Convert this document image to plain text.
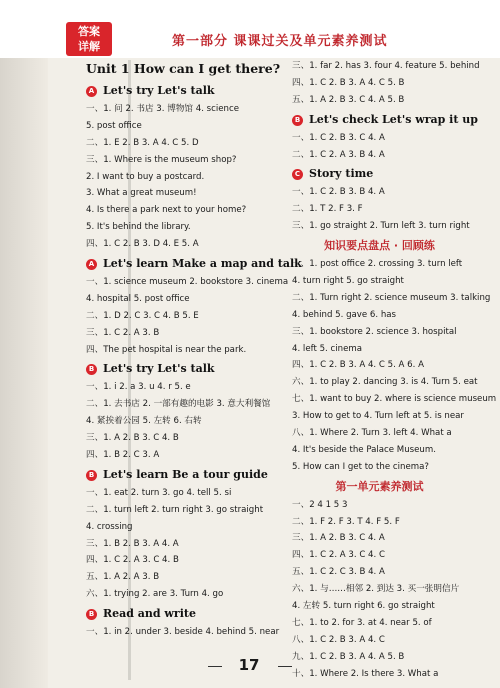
答案
详解	第一部分 课课过关及单元素养测试
Unit 1 How can I get there?
A Let's try Let's talk
一、1. 问 2. 书店 3. 博物馆 4. science
5. post office
二、1. E 2. B 3. A 4. C 5. D
三、1. Where is the museum shop?
2. I want to buy a postcard.
3. What a great museum!
4. Is there a park next to your home?
5. It's behind the library.
四、1. C 2. B 3. D 4. E 5. A
A Let's learn Make a map and talk
一、1. science museum 2. bookstore 3. cinema
4. hospital 5. post office
二、1. D 2. C 3. C 4. B 5. E
三、1. C 2. A 3. B
四、The pet hospital is near the park.
B Let's try Let's talk
一、1. i 2. a 3. u 4. r 5. e
二、1. 去书店 2. 一部有趣的电影 3. 意大利餐馆
4. 紧挨着公园 5. 左转 6. 右转
三、1. A 2. B 3. C 4. B
四、1. B 2. C 3. A
B Let's learn Be a tour guide
一、1. eat 2. turn 3. go 4. tell 5. si
二、1. turn left 2. turn right 3. go straight
4. crossing
三、1. B 2. B 3. A 4. A
四、1. C 2. A 3. C 4. B
五、1. A 2. A 3. B
六、1. trying 2. are 3. Turn 4. go
B Read and write
一、1. in 2. under 3. beside 4. behind 5. near
三、1. far 2. has 3. four 4. feature 5. behind
四、1. C 2. B 3. A 4. C 5. B
五、1. A 2. B 3. C 4. A 5. B
B Let's check Let's wrap it up
一、1. C 2. B 3. C 4. A
二、1. C 2. A 3. B 4. A
C Story time
一、1. C 2. B 3. B 4. A
二、1. T 2. F 3. F
三、1. go straight 2. Turn left 3. turn right
知识要点盘点 · 回顾练
一、1. post office 2. crossing 3. turn left
4. turn right 5. go straight
二、1. Turn right 2. science museum 3. talking
4. behind 5. gave 6. has
三、1. bookstore 2. science 3. hospital
4. left 5. cinema
四、1. C 2. B 3. A 4. C 5. A 6. A
六、1. to play 2. dancing 3. is 4. Turn 5. eat
七、1. want to buy 2. where is science museum
3. How to get to 4. Turn left at 5. is near
八、1. Where 2. Turn 3. left 4. What a
4. It's beside the Palace Museum.
5. How can I get to the cinema?
第一单元素养测试
一、2 4 1 5 3
二、1. F 2. F 3. T 4. F 5. F
三、1. A 2. B 3. C 4. A
四、1. C 2. A 3. C 4. C
五、1. C 2. C 3. B 4. A
六、1. 与……相邻 2. 到达 3. 买一张明信片
4. 左转 5. turn right 6. go straight
七、1. to 2. for 3. at 4. near 5. of
八、1. C 2. B 3. A 4. C
九、1. C 2. B 3. A 4. A 5. B
十、1. Where 2. Is there 3. What a
17
